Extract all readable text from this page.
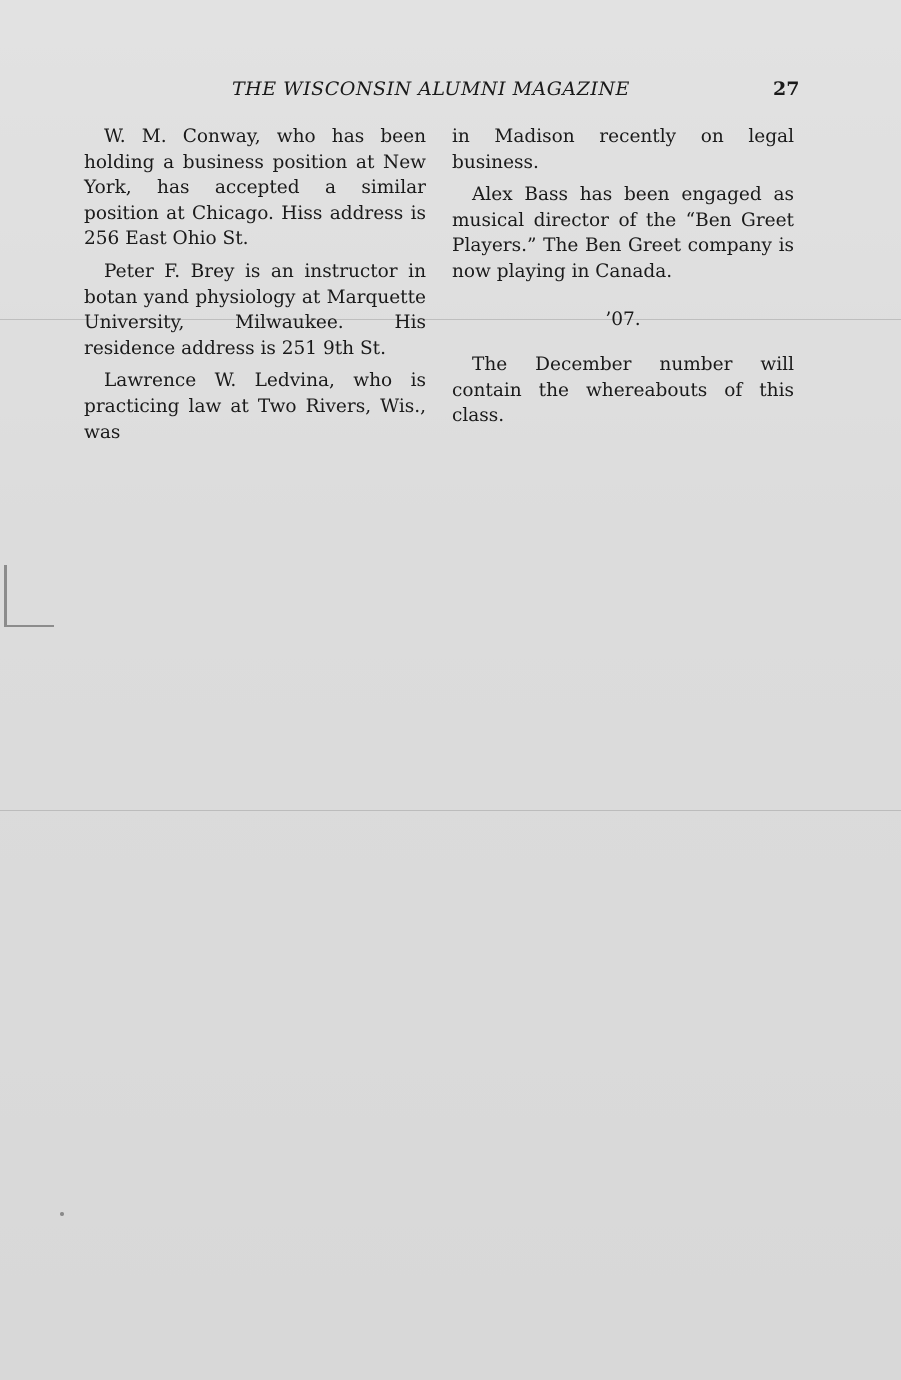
THE WISCONSIN ALUMNI MAGAZINE	27

W. M. Conway, who has been holding a business position at New York, has accepted a similar position at Chicago. Hiss address is 256 East Ohio St.

Peter F. Brey is an instructor in botan yand physiology at Marquette University, Milwaukee. His residence address is 251 9th St.

Lawrence W. Ledvina, who is practicing law at Two Rivers, Wis., was

in Madison recently on legal business.

Alex Bass has been engaged as musical director of the “Ben Greet Players.” The Ben Greet company is now playing in Canada.

’07.

The December number will contain the whereabouts of this class.
